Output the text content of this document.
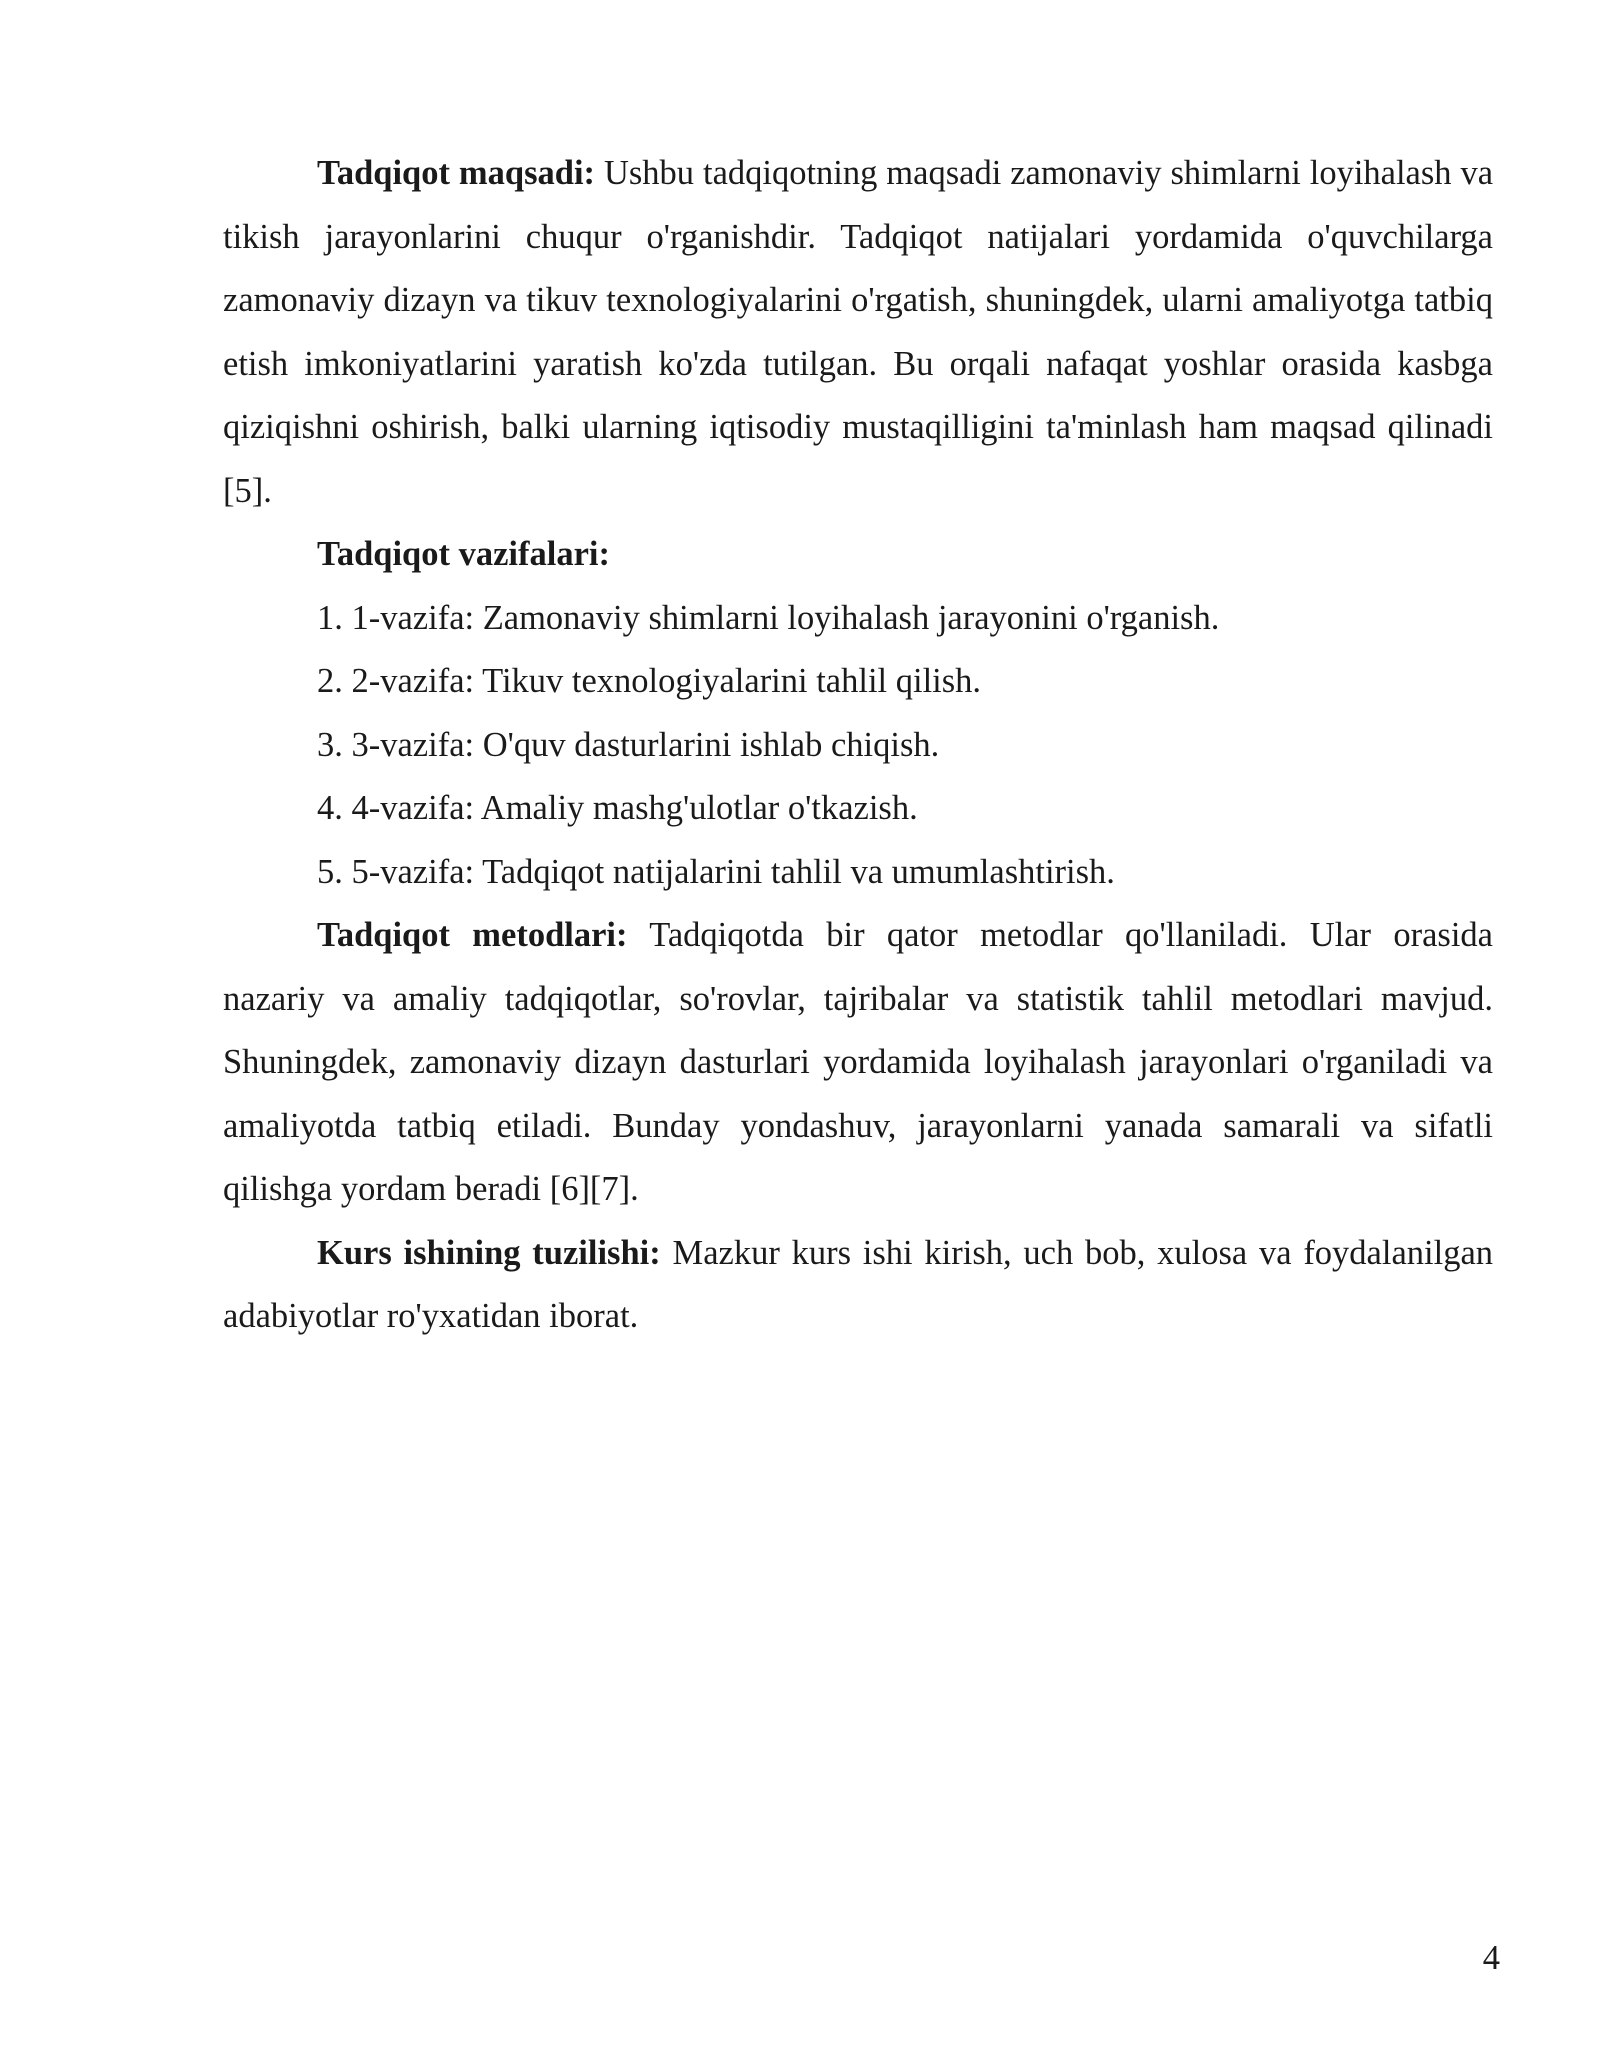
Tadqiqot maqsadi: Ushbu tadqiqotning maqsadi zamonaviy shimlarni loyihalash va tikish jarayonlarini chuqur o'rganishdir. Tadqiqot natijalari yordamida o'quvchilarga zamonaviy dizayn va tikuv texnologiyalarini o'rgatish, shuningdek, ularni amaliyotga tatbiq etish imkoniyatlarini yaratish ko'zda tutilgan. Bu orqali nafaqat yoshlar orasida kasbga qiziqishni oshirish, balki ularning iqtisodiy mustaqilligini ta'minlash ham maqsad qilinadi [5].

Tadqiqot vazifalari:

1. 1-vazifa: Zamonaviy shimlarni loyihalash jarayonini o'rganish.
2. 2-vazifa: Tikuv texnologiyalarini tahlil qilish.
3. 3-vazifa: O'quv dasturlarini ishlab chiqish.
4. 4-vazifa: Amaliy mashg'ulotlar o'tkazish.
5. 5-vazifa: Tadqiqot natijalarini tahlil va umumlashtirish.

Tadqiqot metodlari: Tadqiqotda bir qator metodlar qo'llaniladi. Ular orasida nazariy va amaliy tadqiqotlar, so'rovlar, tajribalar va statistik tahlil metodlari mavjud. Shuningdek, zamonaviy dizayn dasturlari yordamida loyihalash jarayonlari o'rganiladi va amaliyotda tatbiq etiladi. Bunday yondashuv, jarayonlarni yanada samarali va sifatli qilishga yordam beradi [6][7].

Kurs ishining tuzilishi: Mazkur kurs ishi kirish, uch bob, xulosa va foydalanilgan adabiyotlar ro'yxatidan iborat.

4
